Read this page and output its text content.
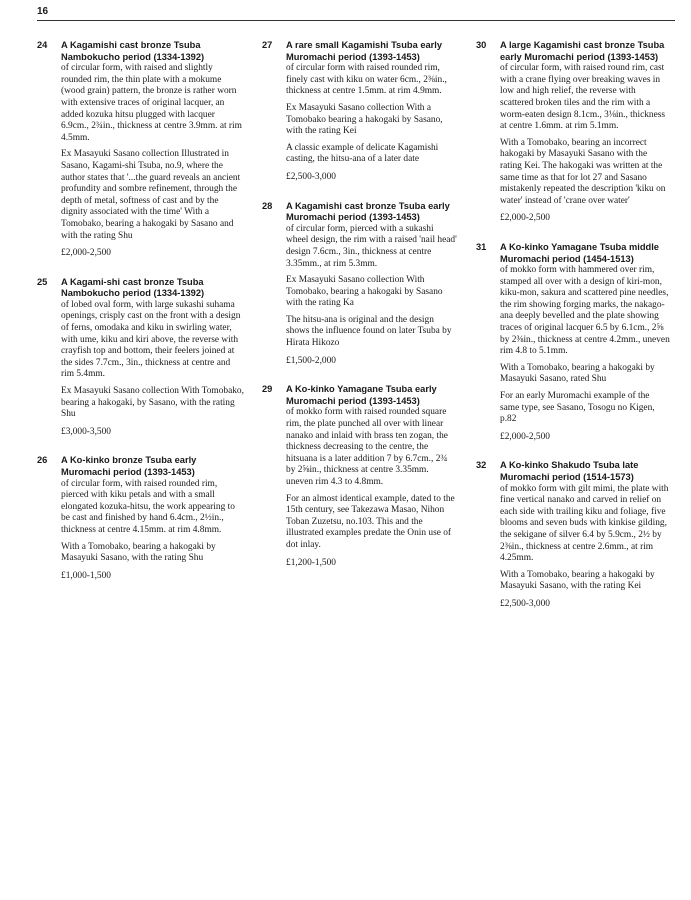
16
24	A Kagamishi cast bronze Tsuba Nambokucho period (1334-1392)

of circular form, with raised and slightly rounded rim, the thin plate with a mokume (wood grain) pattern, the bronze is rather worn with extensive traces of original lacquer, an added kozuka hitsu plugged with lacquer 6.9cm., 2¾in., thickness at centre 3.9mm. at rim 4.5mm.

Ex Masayuki Sasano collection Illustrated in Sasano, Kagami-shi Tsuba, no.9, where the author states that '...the guard reveals an ancient profundity and sombre refinement, through the depth of metal, softness of cast and by the dignity associated with the time' With a Tomobako, bearing a hakogaki by Sasano and with the rating Shu

£2,000-2,500

25	A Kagami-shi cast bronze Tsuba Nambokucho period (1334-1392)

of lobed oval form, with large sukashi suhama openings, crisply cast on the front with a design of ferns, omodaka and kiku in swirling water, with ume, kiku and kiri above, the reverse with crayfish top and bottom, their feelers joined at the sides 7.7cm., 3in., thickness at centre and rim 5.4mm.

Ex Masayuki Sasano collection With Tomobako, bearing a hakogaki, by Sasano, with the rating Shu

£3,000-3,500

26	A Ko-kinko bronze Tsuba early Muromachi period (1393-1453)

of circular form, with raised rounded rim, pierced with kiku petals and with a small elongated kozuka-hitsu, the work appearing to be cast and finished by hand 6.4cm., 2½in., thickness at centre 4.15mm. at rim 4.8mm.

With a Tomobako, bearing a hakogaki by Masayuki Sasano, with the rating Shu

£1,000-1,500

27	A rare small Kagamishi Tsuba early Muromachi period (1393-1453)

of circular form with raised rounded rim, finely cast with kiku on water 6cm., 2⅜in., thickness at centre 1.5mm. at rim 4.9mm.

Ex Masayuki Sasano collection With a Tomobako bearing a hakogaki by Sasano, with the rating Kei

A classic example of delicate Kagamishi casting, the hitsu-ana of a later date

£2,500-3,000

28	A Kagamishi cast bronze Tsuba early Muromachi period (1393-1453)

of circular form, pierced with a sukashi wheel design, the rim with a raised 'nail head' design 7.6cm., 3in., thickness at centre 3.35mm., at rim 5.3mm.

Ex Masayuki Sasano collection With Tomobako, bearing a hakogaki by Sasano with the rating Ka

The hitsu-ana is original and the design shows the influence found on later Tsuba by Hirata Hikozo

£1,500-2,000

29	A Ko-kinko Yamagane Tsuba early Muromachi period (1393-1453)

of mokko form with raised rounded square rim, the plate punched all over with linear nanako and inlaid with brass ten zogan, the thickness decreasing to the centre, the hitsuana is a later addition 7 by 6.7cm., 2¾ by 2⅝in., thickness at centre 3.35mm. uneven rim 4.3 to 4.8mm.

For an almost identical example, dated to the 15th century, see Takezawa Masao, Nihon Toban Zuzetsu, no.103. This and the illustrated examples predate the Onin use of dot inlay.

£1,200-1,500

30	A large Kagamishi cast bronze Tsuba early Muromachi period (1393-1453)

of circular form, with raised round rim, cast with a crane flying over breaking waves in low and high relief, the reverse with scattered broken tiles and the rim with a worm-eaten design 8.1cm., 3⅛in., thickness at centre 1.6mm. at rim 5.1mm.

With a Tomobako, bearing an incorrect hakogaki by Masayuki Sasano with the rating Kei. The hakogaki was written at the same time as that for lot 27 and Sasano mistakenly repeated the description 'kiku on water' instead of 'crane over water'

£2,000-2,500

31	A Ko-kinko Yamagane Tsuba middle Muromachi period (1454-1513)

of mokko form with hammered over rim, stamped all over with a design of kiri-mon, kiku-mon, sakura and scattered pine needles, the rim showing forging marks, the nakago-ana deeply bevelled and the plate showing traces of original lacquer 6.5 by 6.1cm., 2⅝ by 2⅜in., thickness at centre 4.2mm., uneven rim 4.8 to 5.1mm.

With a Tomobako, bearing a hakogaki by Masayuki Sasano, rated Shu

For an early Muromachi example of the same type, see Sasano, Tosogu no Kigen, p.82

£2,000-2,500

32	A Ko-kinko Shakudo Tsuba late Muromachi period (1514-1573)

of mokko form with gilt mimi, the plate with fine vertical nanako and carved in relief on each side with trailing kiku and foliage, five blooms and seven buds with kinkise gilding, the sekigane of silver 6.4 by 5.9cm., 2½ by 2⅜in., thickness at centre 2.6mm., at rim 4.25mm.

With a Tomobako, bearing a hakogaki by Masayuki Sasano, with the rating Kei

£2,500-3,000
